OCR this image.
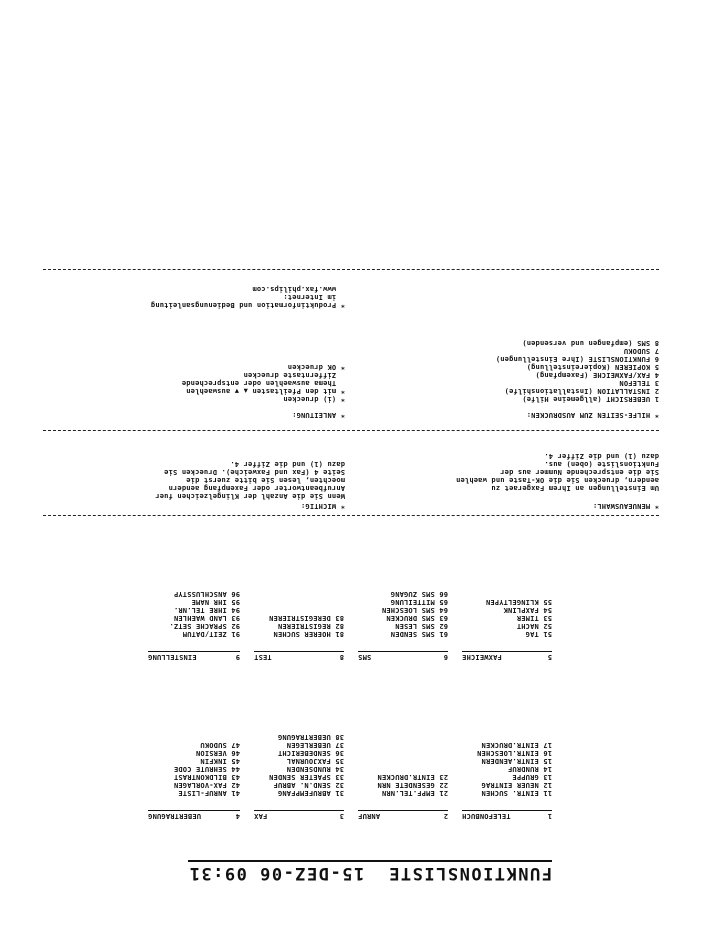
FUNKTIONSLISTE  15-DEZ-06 09:31
1
TELEFONBUCH
2
ANRUF
3
FAX
4
UEBERTRAGUNG
11 EINTR. SUCHEN
12 NEUER EINTRAG
13 GRUPPE
14 RUNDRUF
15 EINTR.AENDERN
16 EINTR.LOESCHEN
17 EINTR.DRUCKEN
21 EMPF.TEL.NRN
22 GESENDETE NRN
23 EINTR.DRUCKEN
31 ABRUFEMPFANG
32 SEND.N. ABRUF
33 SPAETER SENDEN
34 RUNDSENDEN
35 FAXJOURNAL
36 SENDEBERICHT
37 UEBERLEGEN
38 UEBERTRAGUNG
41 ANRUF-LISTE
42 FAX-VORLAGEN
43 BILDKONTRAST
44 SEHRUTE CODE
45 INKFIN
46 VERSION
47 SUDOKU
5
FAXWEICHE
6
SMS
8
TEST
9
EINSTELLUNG
51 TAG
52 NACHT
53 TIMER
54 FAXPLINK
55 KLINGELTYPEN
61 SMS SENDEN
62 SMS LESEN
63 SMS DRUCKEN
64 SMS LOESCHEN
65 MITTEILUNG
66 SMS ZUGANG
81 HOERER SUCHEN
82 REGISTRIEREN
83 DEREGISTRIEREN
91 ZEIT/DATUM
92 SPRACHE SETZ.
93 LAND WAEHLEN
94 IHRE TEL.NR.
95 IHR NAME
96 ANSCHLUSSTYP
* MENUEAUSWAHL:
Um Einstellungen an Ihrem Faxgeraet zu
aendern, druecken Sie die OK-Taste und waehlen
Sie die entsprechende Nummer aus der
Funktionsliste (oben) aus.
dazu (1) und die Ziffer 4.
* WICHTIG:
Wenn Sie die Anzahl der Klingelzeichen fuer
Anrufbeantworter oder Faxempfang aendern
moechten, lesen Sie bitte zuerst die
Seite 4 (Fax und Faxweiche). Druecken Sie
dazu (1) und die Ziffer 4.
* HILFE-SEITEN ZUM AUSDRUCKEN:
1 UEBERSICHT (allgemeine Hilfe)
2 INSTALLATION (Installationshilfe)
3 TELEFON
4 FAX/FAXWEICHE (Faxempfang)
5 KOPIEREN (Kopiereinstellung)
6 FUNKTIONSLISTE (Ihre Einstellungen)
7 SUDOKU
8 SMS (empfangen und versenden)
* ANLEITUNG:
* (i) druecken
* mit den Pfeiltasten ▲ ▼ auswaehlen
Thema auswaehlen oder entsprechende
Zifferntaste druecken
* OK druecken
* Produktinformation und Bedienungsanleitung
im Internet:
www.fax.philips.com
